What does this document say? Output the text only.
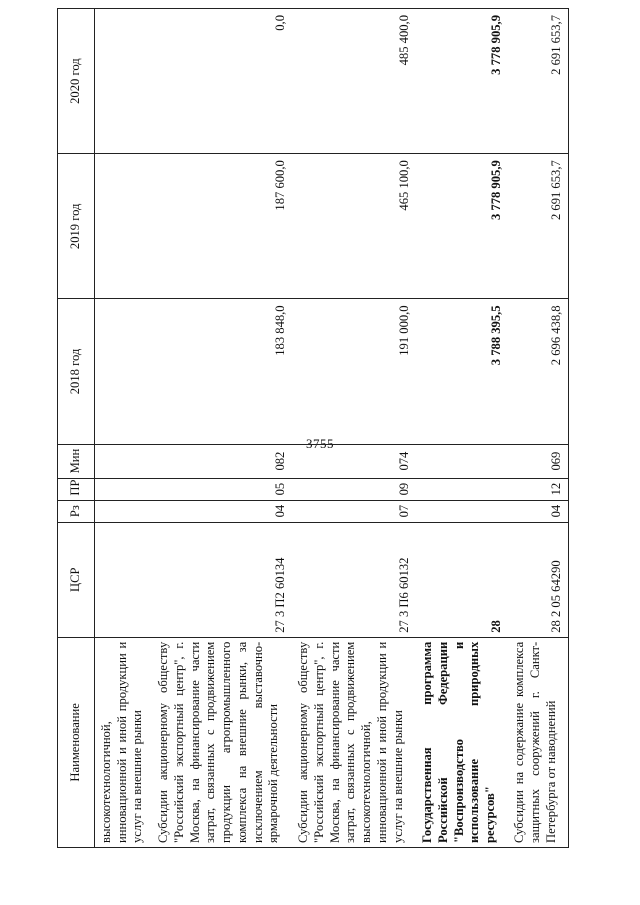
3755
Наименование	ЦСР	Рз	ПР	Мин	2018 год	2019 год	2020 год
высокотехнологичной, инновационной и иной продукции и услуг на внешние рынки							
Субсидии акционерному обществу "Российский экспортный центр", г. Москва, на финансирование части затрат, связанных с продвижением продукции агропромышленного комплекса на внешние рынки, за исключением выставочно-ярмарочной деятельности	27 3 П2 60134	04	05	082	183 848,0	187 600,0	0,0
Субсидии акционерному обществу "Российский экспортный центр", г. Москва, на финансирование части затрат, связанных с продвижением высокотехнологичной, инновационной и иной продукции и услуг на внешние рынки	27 3 П6 60132	07	09	074	191 000,0	465 100,0	485 400,0
Государственная программа Российской Федерации "Воспроизводство и использование природных ресурсов"	28				3 788 395,5	3 778 905,9	3 778 905,9
Субсидии на содержание комплекса защитных сооружений г. Санкт-Петербурга от наводнений	28 2 05 64290	04	12	069	2 696 438,8	2 691 653,7	2 691 653,7
